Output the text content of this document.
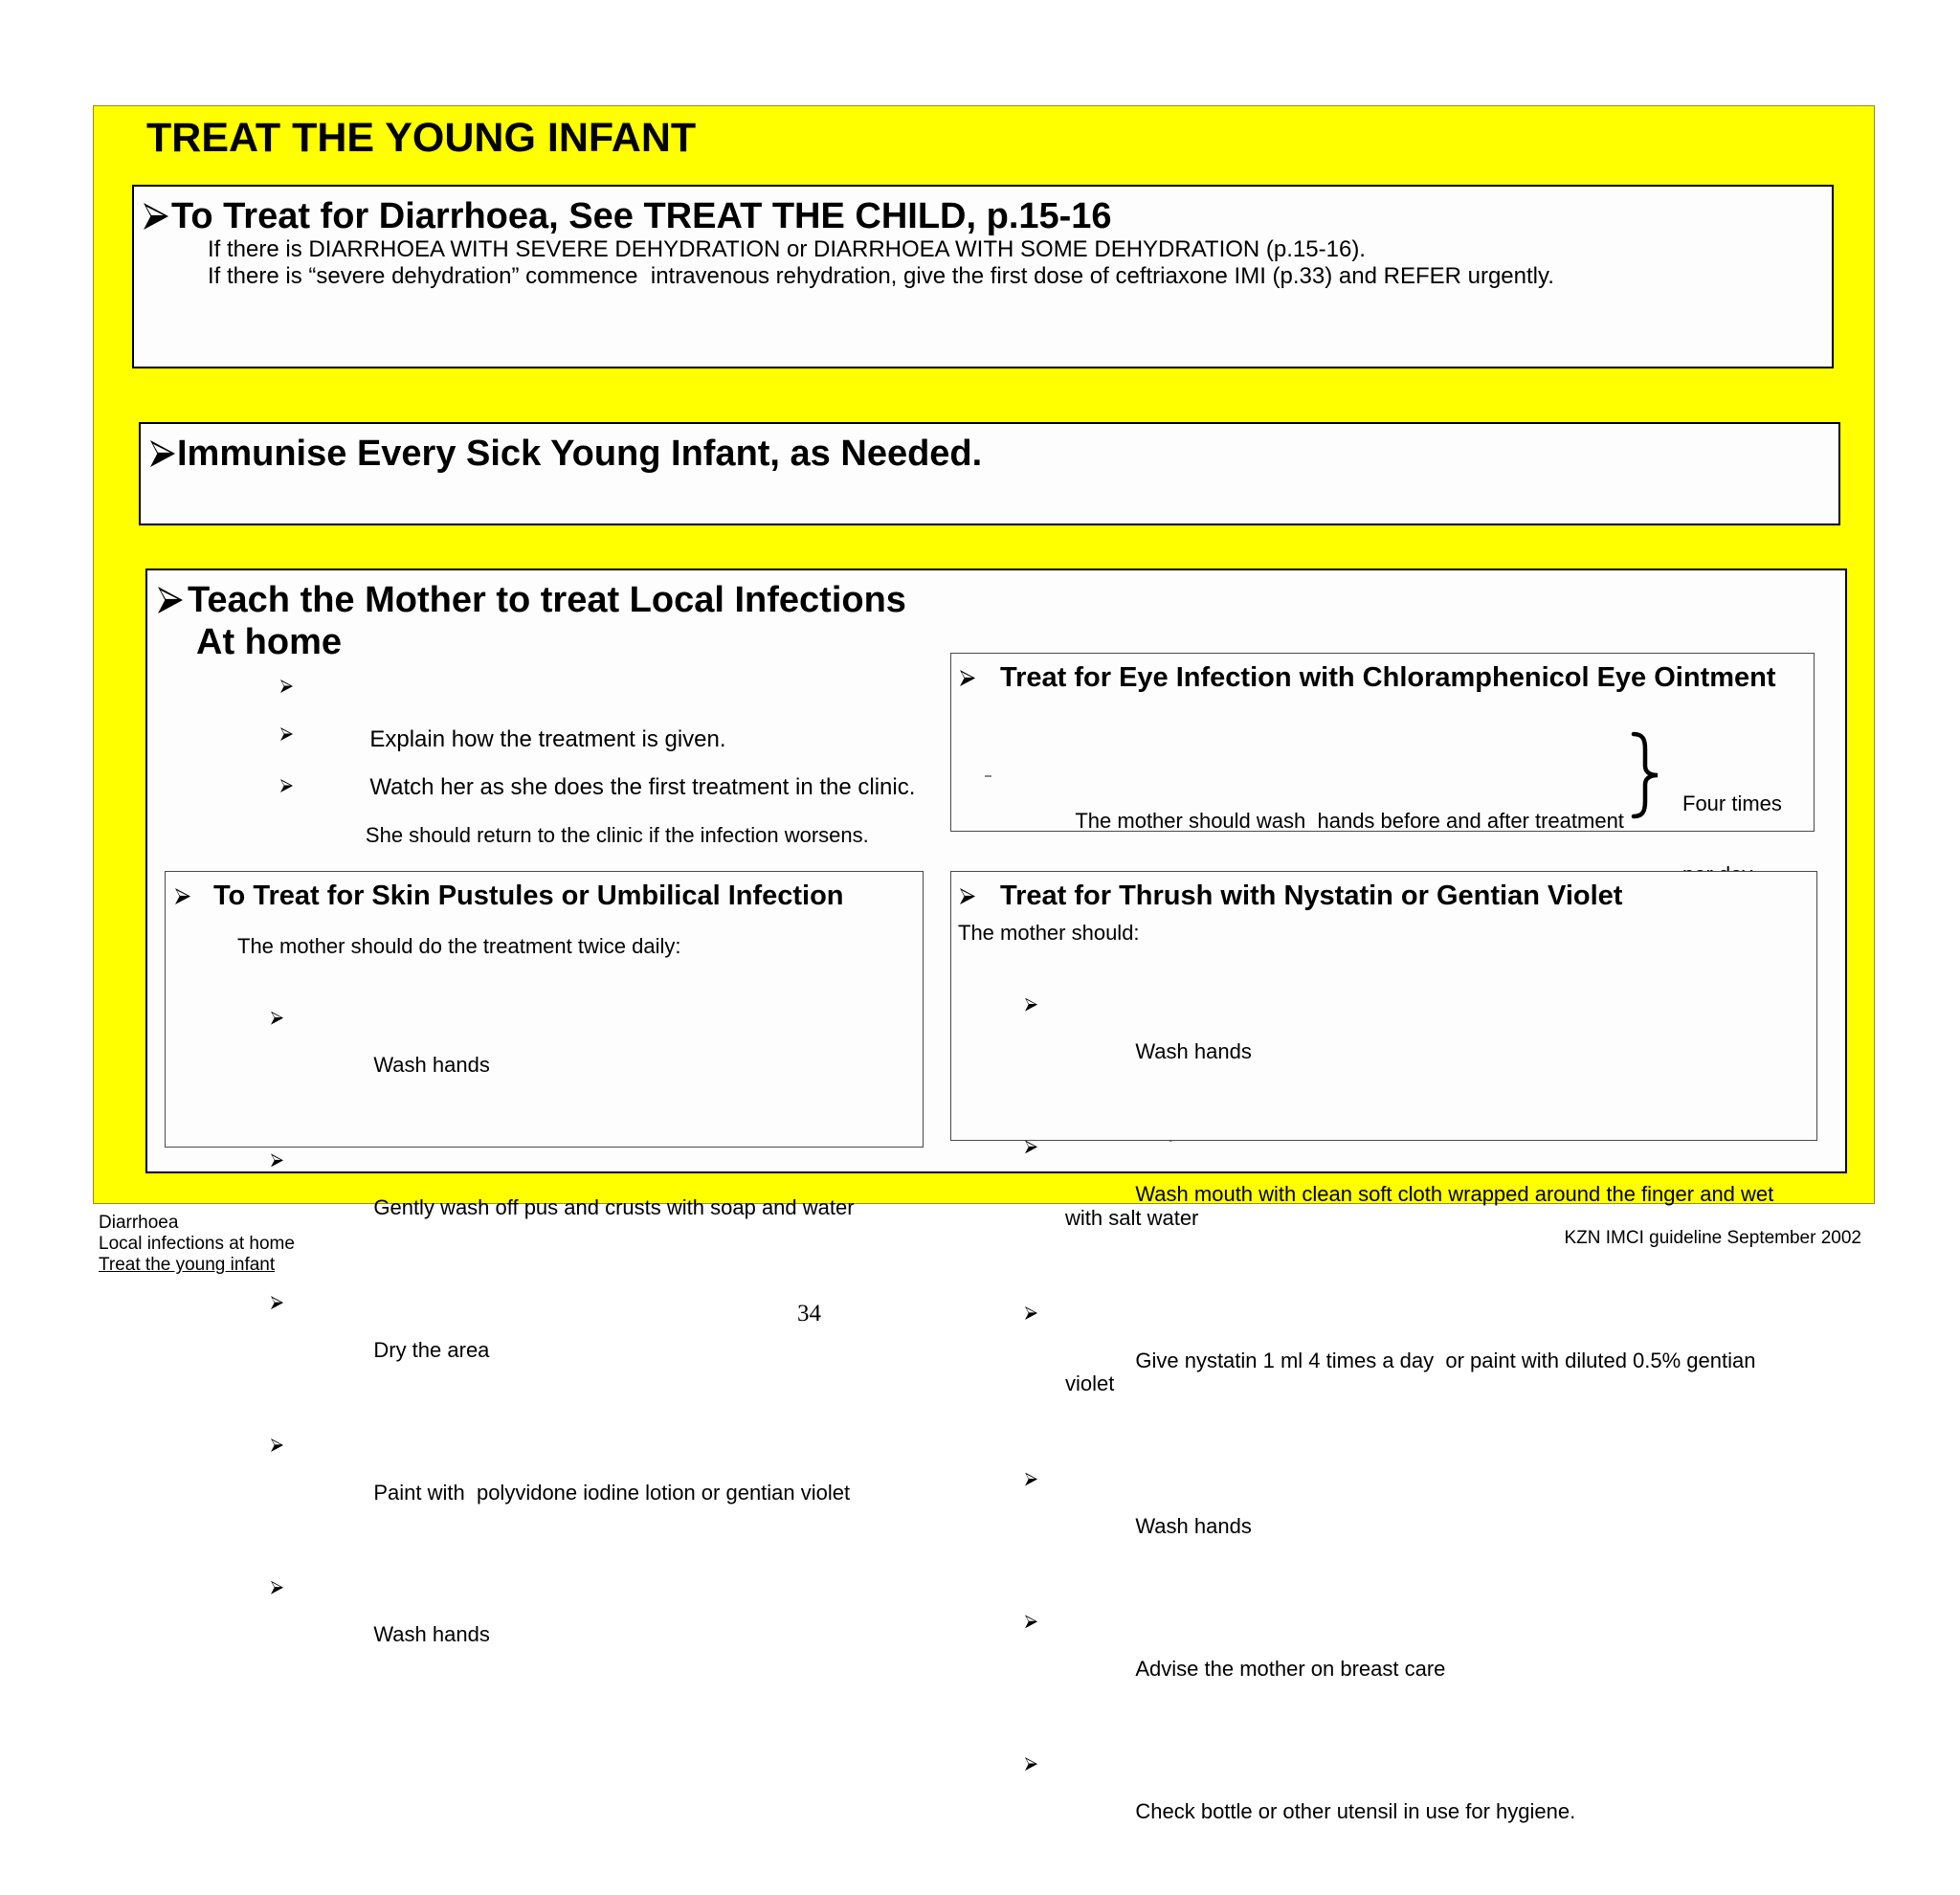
TREAT THE YOUNG INFANT
To Treat for Diarrhoea, See TREAT THE CHILD, p.15-16
If there is DIARRHOEA WITH SEVERE DEHYDRATION or DIARRHOEA WITH SOME DEHYDRATION (p.15-16).
If there is “severe dehydration” commence  intravenous rehydration, give the first dose of ceftriaxone IMI (p.33) and REFER urgently.
Immunise Every Sick Young Infant, as Needed.
Teach the Mother to treat Local Infections
At home

Explain how the treatment is given.

Watch her as she does the first treatment in the clinic.

She should return to the clinic if the infection worsens.

Treat for Eye Infection with Chloramphenicol Eye Ointment

The mother should wash  hands before and after treatment

Four times

To Treat for Skin Pustules or Umbilical Infection
The mother should do the treatment twice daily:

Wash hands

Gently wash off pus and crusts with soap and water

Dry the area

Paint with  polyvidone iodine lotion or gentian violet

Wash hands

Treat for Thrush with Nystatin or Gentian Violet
The mother should:

Wash hands

Wash mouth with clean soft cloth wrapped around the finger and wet with salt water

Give nystatin 1 ml 4 times a day  or paint with diluted 0.5% gentian violet

Wash hands

Advise the mother on breast care

Check bottle or other utensil in use for hygiene.

Diarrhoea
Local infections at home
Treat the young infant
KZN IMCI guideline September 2002
34
